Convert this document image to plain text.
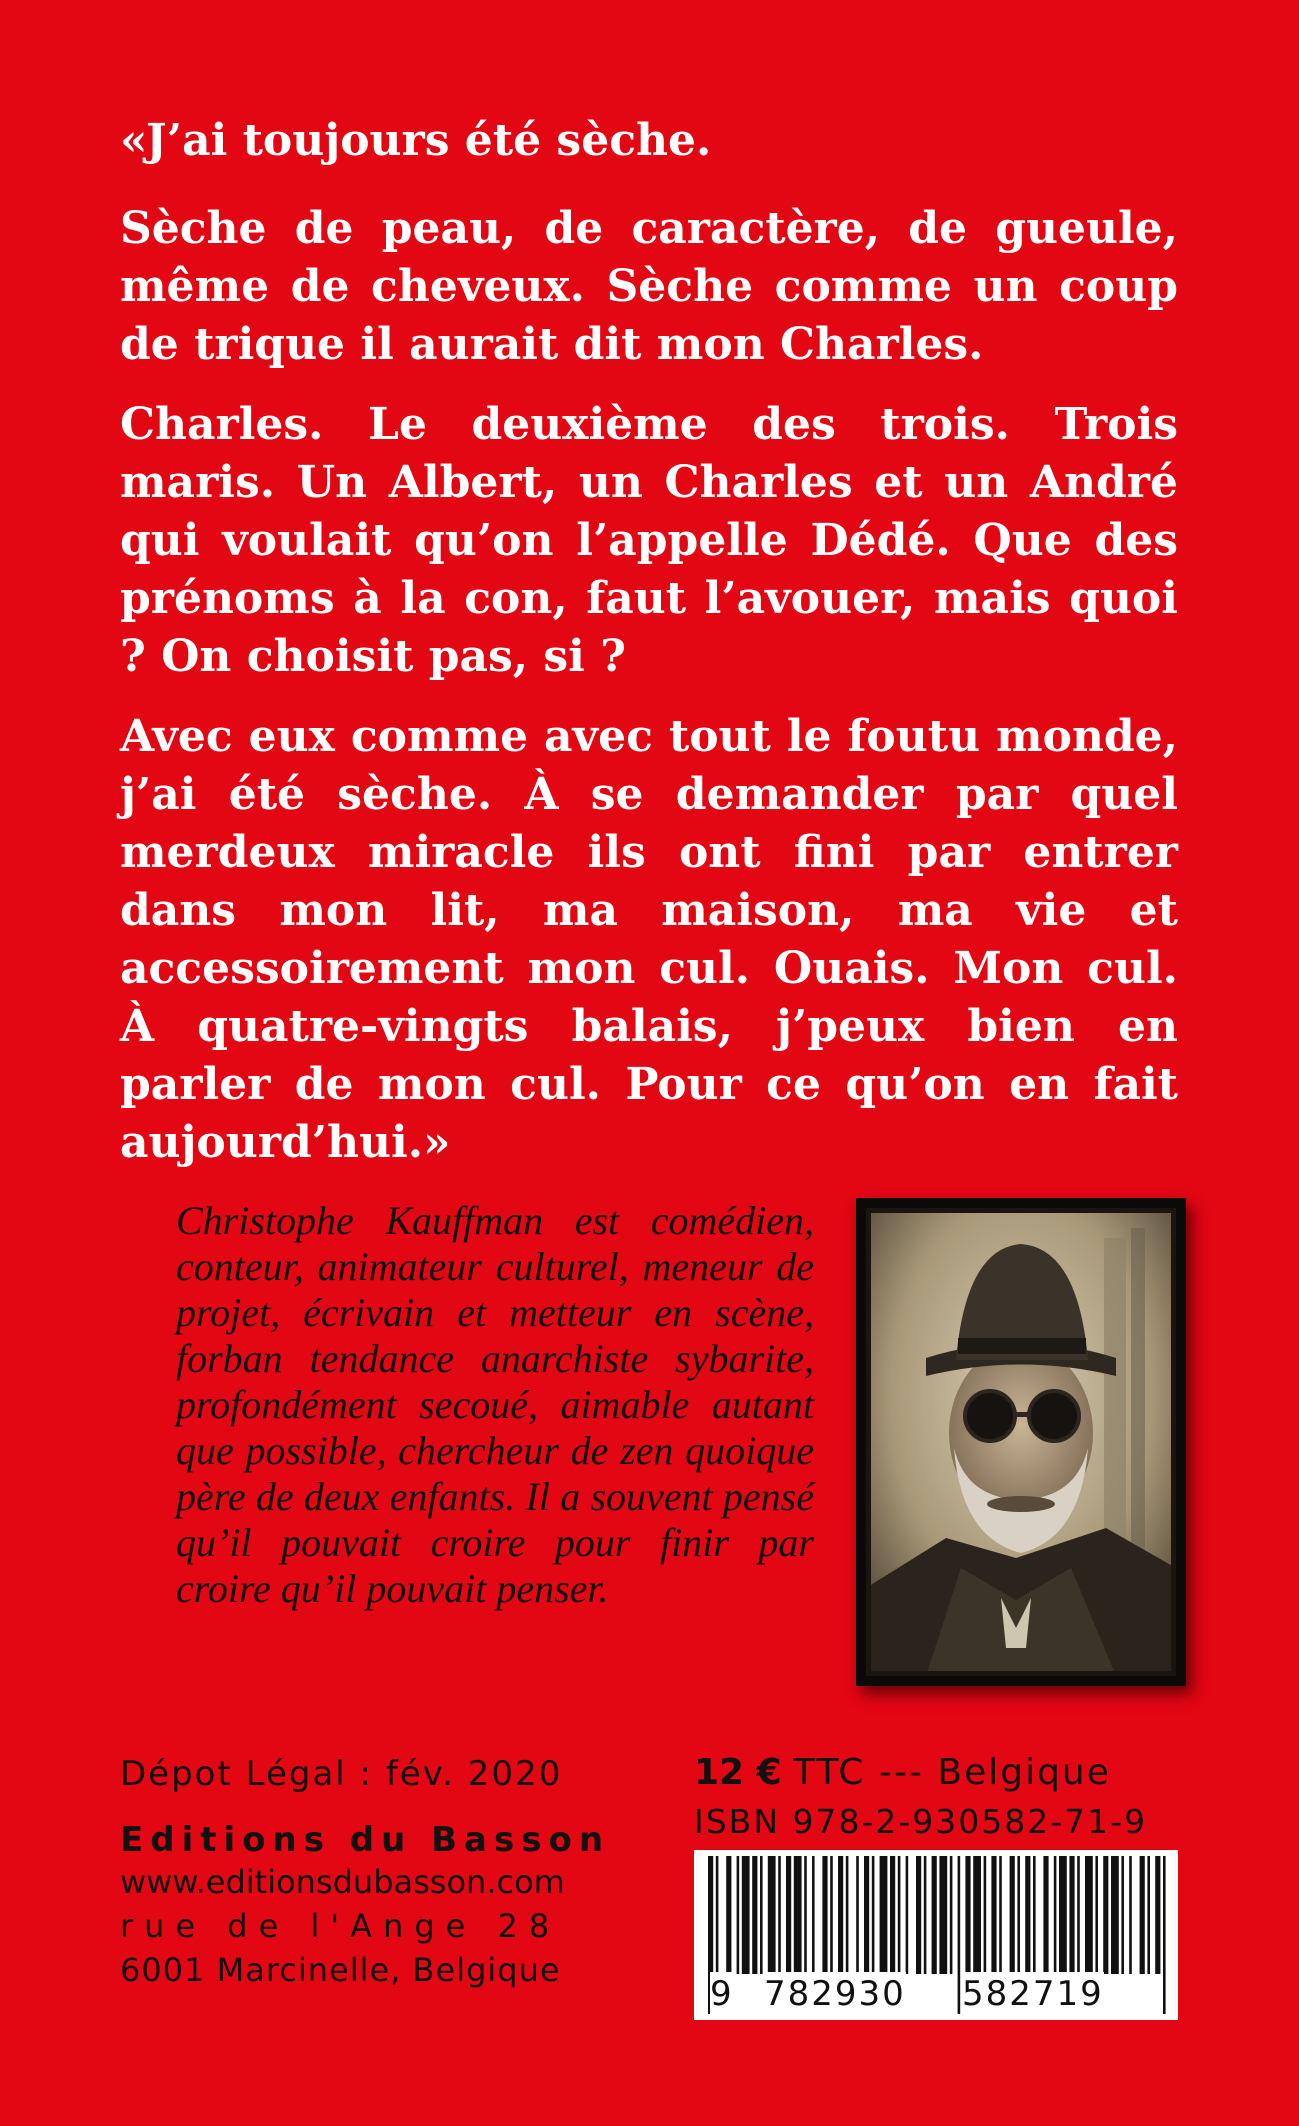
«J’ai toujours été sèche.

Sèche de peau, de caractère, de gueule, même de cheveux. Sèche comme un coup de trique il aurait dit mon Charles.

Charles. Le deuxième des trois. Trois maris. Un Albert, un Charles et un André qui voulait qu’on l’appelle Dédé. Que des prénoms à la con, faut l’avouer, mais quoi ? On choisit pas, si ?

Avec eux comme avec tout le foutu monde, j’ai été sèche. À se demander par quel merdeux miracle ils ont fini par entrer dans mon lit, ma maison, ma vie et accessoirement mon cul. Ouais. Mon cul. À quatre-vingts balais, j’peux bien en parler de mon cul. Pour ce qu’on en fait aujourd’hui.»

Christophe Kauffman est comédien, conteur, animateur culturel, meneur de projet, écrivain et metteur en scène, forban tendance anarchiste sybarite, profondément secoué, aimable autant que possible, chercheur de zen quoique père de deux enfants. Il a souvent pensé qu’il pouvait croire pour finir par croire qu’il pouvait penser.

Dépot Légal : fév. 2020
Editions du Basson
www.editionsdubasson.com
rue de l'Ange 28
6001 Marcinelle, Belgique
12 € TTC --- Belgique
ISBN 978-2-930582-71-9
9 782930 582719
